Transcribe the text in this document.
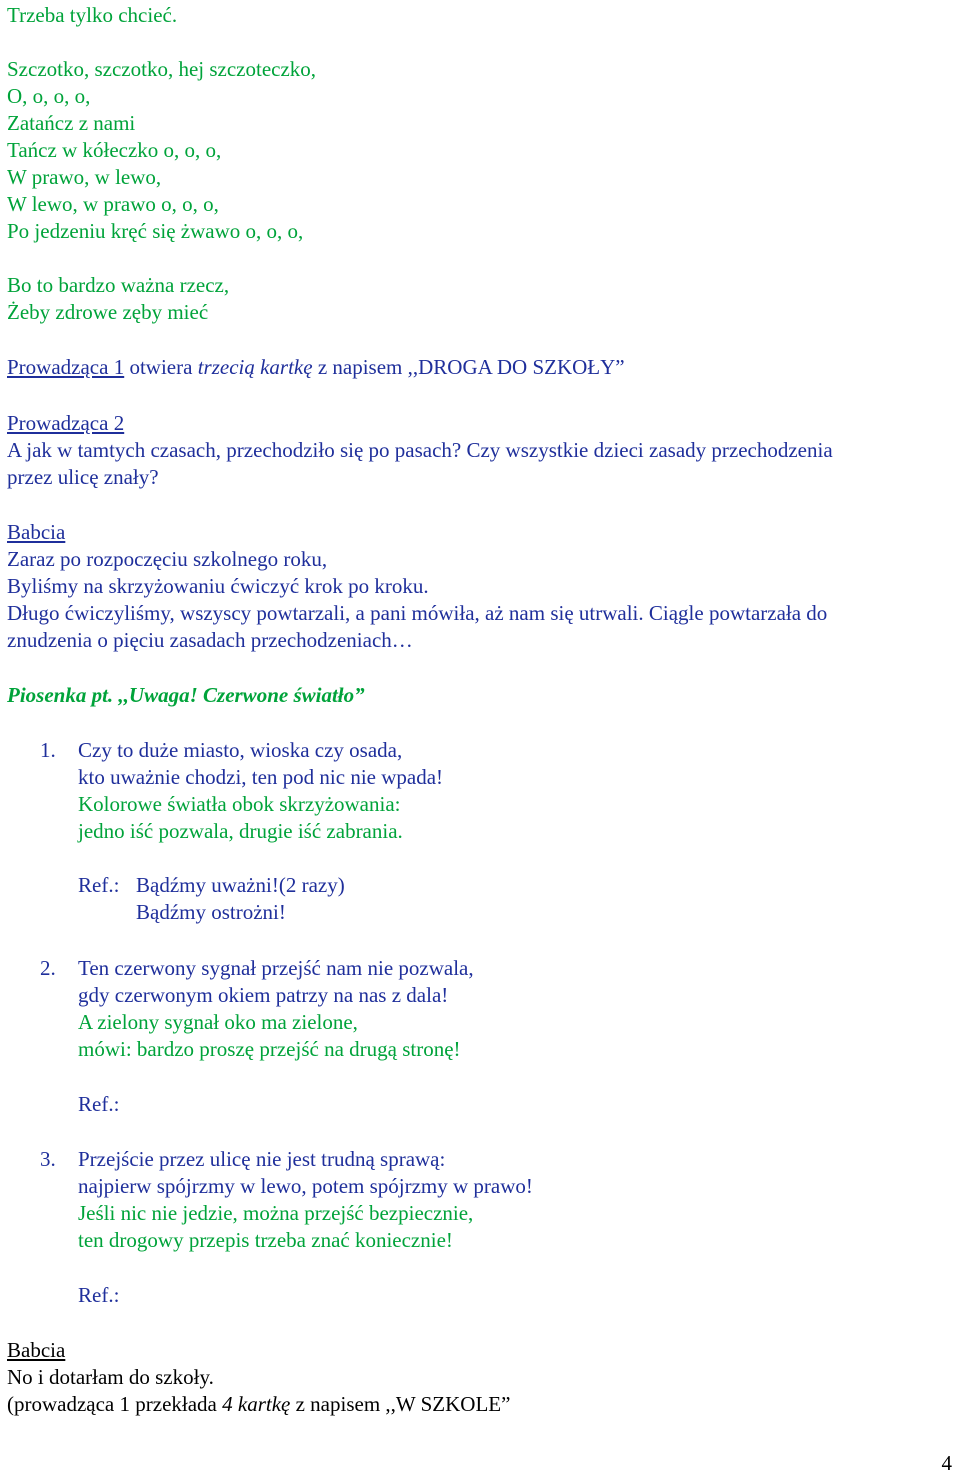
Trzeba tylko chcieć.
Szczotko, szczotko, hej szczoteczko,
O, o, o, o,
Zatańcz z nami
Tańcz w kółeczko o, o, o,
W prawo, w lewo,
W lewo, w prawo o, o, o,
Po jedzeniu kręć się żwawo o, o, o,
Bo to bardzo ważna rzecz,
Żeby zdrowe zęby mieć
Prowadząca 1 otwiera trzecią kartkę z napisem ,,DROGA DO SZKOŁY”
Prowadząca 2
A jak w tamtych czasach, przechodziło się po pasach? Czy wszystkie dzieci zasady przechodzenia
przez ulicę znały?
Babcia
Zaraz po rozpoczęciu szkolnego roku,
Byliśmy na skrzyżowaniu ćwiczyć krok po kroku.
Długo ćwiczyliśmy, wszyscy powtarzali, a pani mówiła, aż nam się utrwali. Ciągle powtarzała do
znudzenia o pięciu zasadach przechodzeniach…
Piosenka pt. ,,Uwaga! Czerwone światło”
1. Czy to duże miasto, wioska czy osada,
kto uważnie chodzi, ten pod nic nie wpada!
Kolorowe światła obok skrzyżowania:
jedno iść pozwala, drugie iść zabrania.
Ref.: Bądźmy uważni!(2 razy)
Bądźmy ostrożni!
2. Ten czerwony sygnał przejść nam nie pozwala,
gdy czerwonym okiem patrzy na nas z dala!
A zielony sygnał oko ma zielone,
mówi: bardzo proszę przejść na drugą stronę!
Ref.:
3. Przejście przez ulicę nie jest trudną sprawą:
najpierw spójrzmy w lewo, potem spójrzmy w prawo!
Jeśli nic nie jedzie, można przejść bezpiecznie,
ten drogowy przepis trzeba znać koniecznie!
Ref.:
Babcia
No i dotarłam do szkoły.
(prowadząca 1 przekłada 4 kartkę z napisem ,,W SZKOLE”
4
